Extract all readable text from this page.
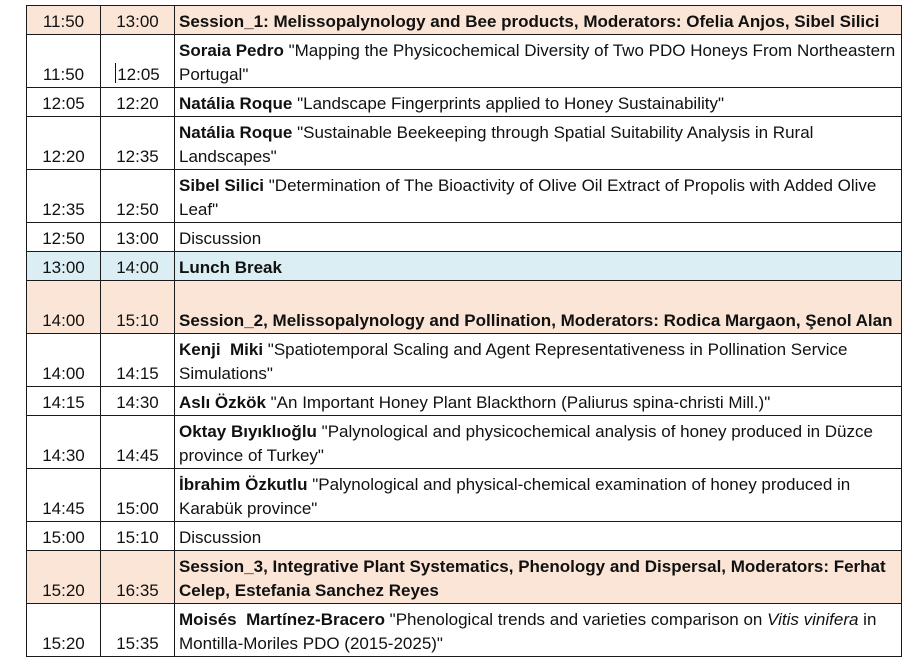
11:50	13:00	Session_1: Melissopalynology and Bee products, Moderators: Ofelia Anjos, Sibel Silici
11:50	12:05	Soraia Pedro "Mapping the Physicochemical Diversity of Two PDO Honeys From Northeastern Portugal"
12:05	12:20	Natália Roque "Landscape Fingerprints applied to Honey Sustainability"
12:20	12:35	Natália Roque "Sustainable Beekeeping through Spatial Suitability Analysis in Rural Landscapes"
12:35	12:50	Sibel Silici "Determination of The Bioactivity of Olive Oil Extract of Propolis with Added Olive Leaf"
12:50	13:00	Discussion
13:00	14:00	Lunch Break
14:00	15:10	Session_2, Melissopalynology and Pollination, Moderators: Rodica Margaon, Şenol Alan
14:00	14:15	Kenji  Miki "Spatiotemporal Scaling and Agent Representativeness in Pollination Service Simulations"
14:15	14:30	Aslı Özkök "An Important Honey Plant Blackthorn (Paliurus spina-christi Mill.)"
14:30	14:45	Oktay Bıyıklıoğlu "Palynological and physicochemical analysis of honey produced in Düzce province of Turkey"
14:45	15:00	İbrahim Özkutlu "Palynological and physical-chemical examination of honey produced in Karabük province"
15:00	15:10	Discussion
15:20	16:35	Session_3, Integrative Plant Systematics, Phenology and Dispersal, Moderators: Ferhat Celep, Estefania Sanchez Reyes
15:20	15:35	Moisés  Martínez-Bracero "Phenological trends and varieties comparison on Vitis vinifera in Montilla-Moriles PDO (2015-2025)"
